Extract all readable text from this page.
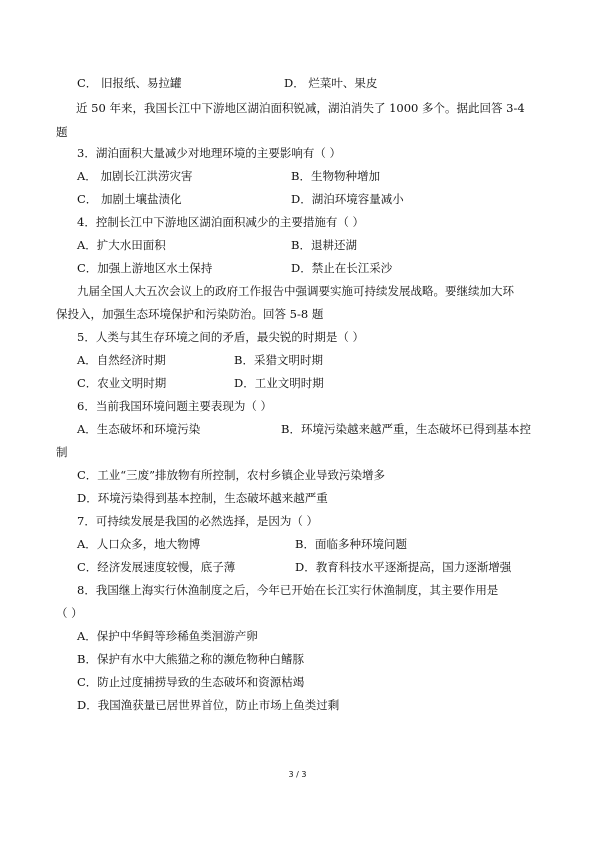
C． 旧报纸、易拉罐	D． 烂菜叶、果皮
近 50 年来，我国长江中下游地区湖泊面积锐减，湖泊消失了 1000 多个。据此回答 3-4
题
3．湖泊面积大量减少对地理环境的主要影响有（ ）
A． 加剧长江洪涝灾害	B．生物物种增加
C． 加剧土壤盐渍化	D．湖泊环境容量减小
4．控制长江中下游地区湖泊面积减少的主要措施有（ ）
A．扩大水田面积	B．退耕还湖
C．加强上游地区水土保持	D．禁止在长江采沙
九届全国人大五次会议上的政府工作报告中强调要实施可持续发展战略。要继续加大环
保投入，加强生态环境保护和污染防治。回答 5-8 题
5．人类与其生存环境之间的矛盾，最尖锐的时期是（ ）
A．自然经济时期	B．采猎文明时期
C．农业文明时期	D．工业文明时期
6．当前我国环境问题主要表现为（ ）
A．生态破坏和环境污染	B．环境污染越来越严重，生态破坏已得到基本控
制
C．工业“三废”排放物有所控制，农村乡镇企业导致污染增多
D．环境污染得到基本控制，生态破坏越来越严重
7．可持续发展是我国的必然选择，是因为（ ）
A．人口众多，地大物博	B．面临多种环境问题
C．经济发展速度较慢，底子薄	D．教育科技水平逐渐提高，国力逐渐增强
8．我国继上海实行休渔制度之后，今年已开始在长江实行休渔制度，其主要作用是
（ ）
A．保护中华鲟等珍稀鱼类洄游产卵
B．保护有水中大熊猫之称的濒危物种白鳍豚
C．防止过度捕捞导致的生态破坏和资源枯竭
D．我国渔获量已居世界首位，防止市场上鱼类过剩
3 / 3
